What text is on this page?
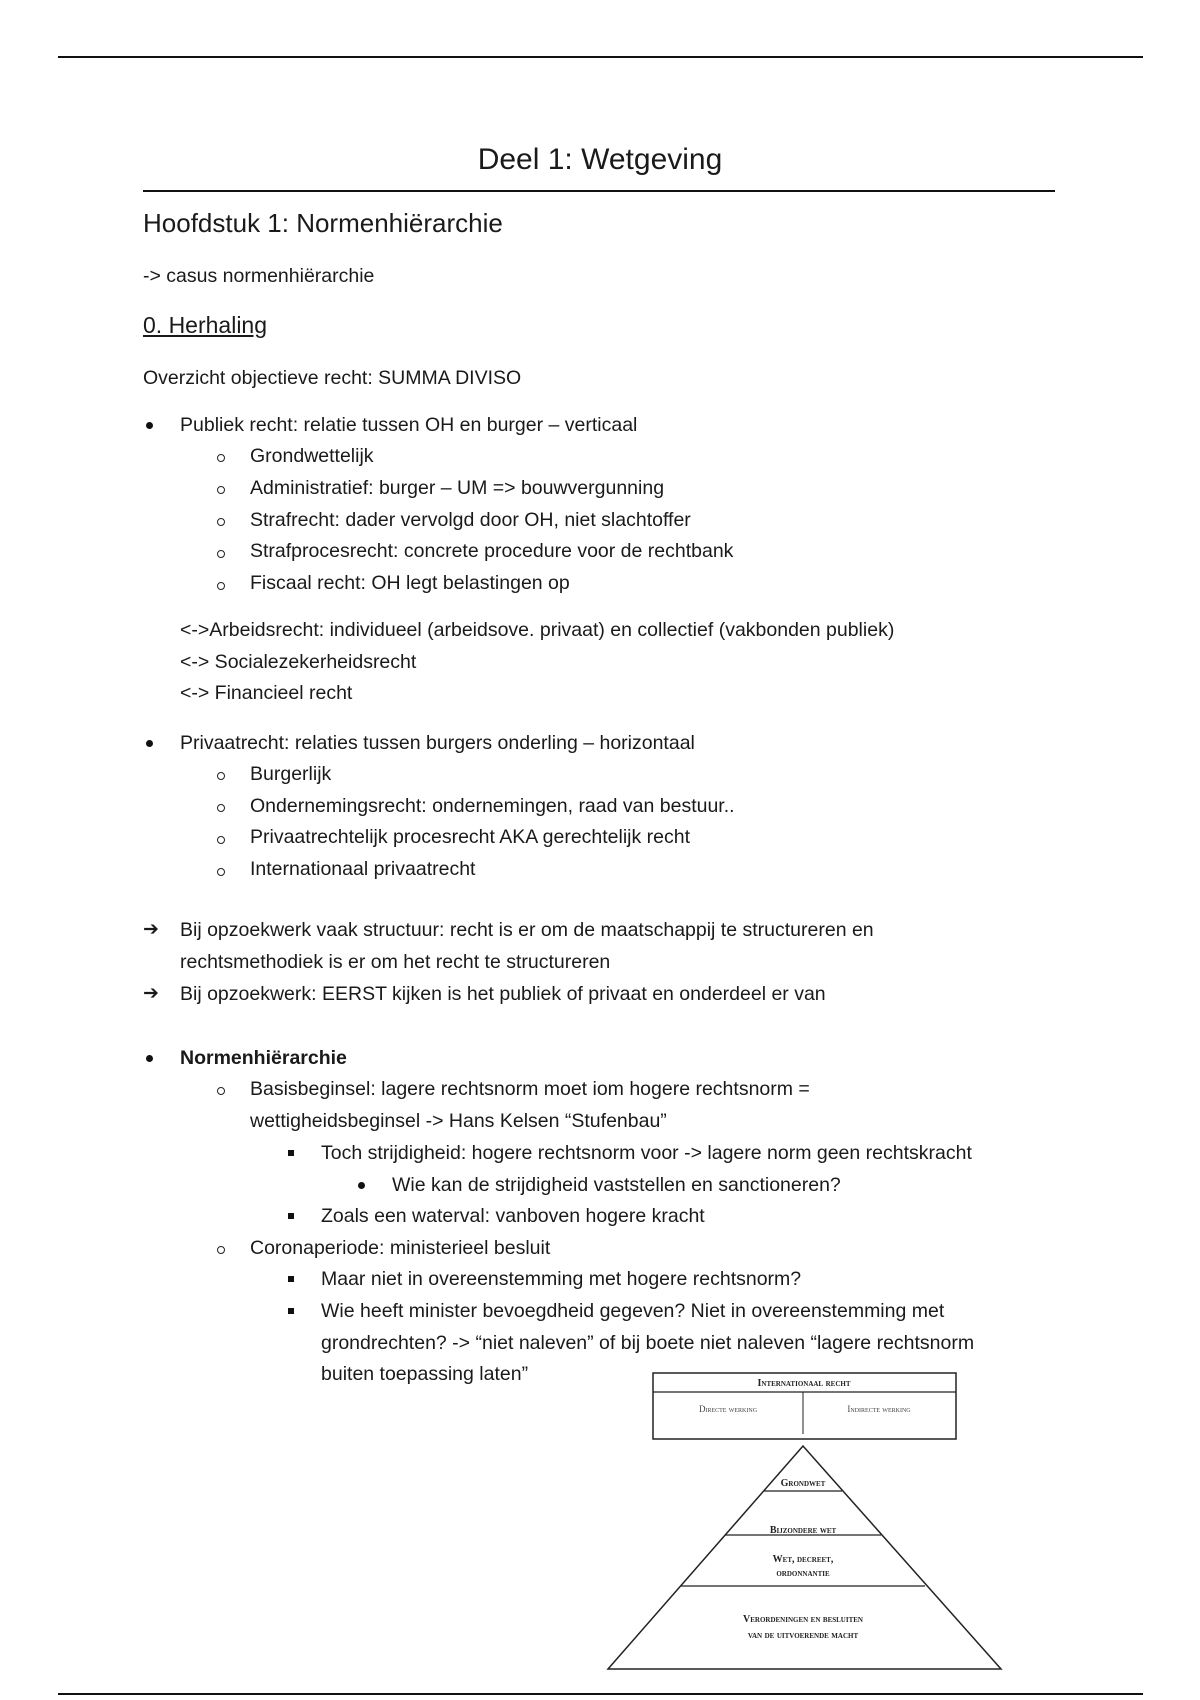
Deel 1: Wetgeving
Hoofdstuk 1: Normenhiërarchie
-> casus normenhiërarchie
0. Herhaling
Overzicht objectieve recht: SUMMA DIVISO
Publiek recht: relatie tussen OH en burger – verticaal
Grondwettelijk
Administratief: burger – UM => bouwvergunning
Strafrecht: dader vervolgd door OH, niet slachtoffer
Strafprocesrecht: concrete procedure voor de rechtbank
Fiscaal recht: OH legt belastingen op
<->Arbeidsrecht: individueel (arbeidsove. privaat) en collectief (vakbonden publiek)
<-> Socialezekerheidsrecht
<-> Financieel recht
Privaatrecht: relaties tussen burgers onderling – horizontaal
Burgerlijk
Ondernemingsrecht: ondernemingen, raad van bestuur..
Privaatrechtelijk procesrecht AKA gerechtelijk recht
Internationaal privaatrecht
➔ Bij opzoekwerk vaak structuur: recht is er om de maatschappij te structureren en
rechtsmethodiek is er om het recht te structureren
➔ Bij opzoekwerk: EERST kijken is het publiek of privaat en onderdeel er van
Normenhiërarchie
Basisbeginsel: lagere rechtsnorm moet iom hogere rechtsnorm =
wettigheidsbeginsel -> Hans Kelsen “Stufenbau”
Toch strijdigheid: hogere rechtsnorm voor -> lagere norm geen rechtskracht
Wie kan de strijdigheid vaststellen en sanctioneren?
Zoals een waterval: vanboven hogere kracht
Coronaperiode: ministerieel besluit
Maar niet in overeenstemming met hogere rechtsnorm?
Wie heeft minister bevoegdheid gegeven? Niet in overeenstemming met
grondrechten? -> “niet naleven” of bij boete niet naleven “lagere rechtsnorm
buiten toepassing laten”	Internationaal recht
Directe werking	Indirecte werking
Grondwet
Bijzondere wet
Wet, decreet,
ordonnantie
Verordeningen en besluiten
van de uitvoerende macht
